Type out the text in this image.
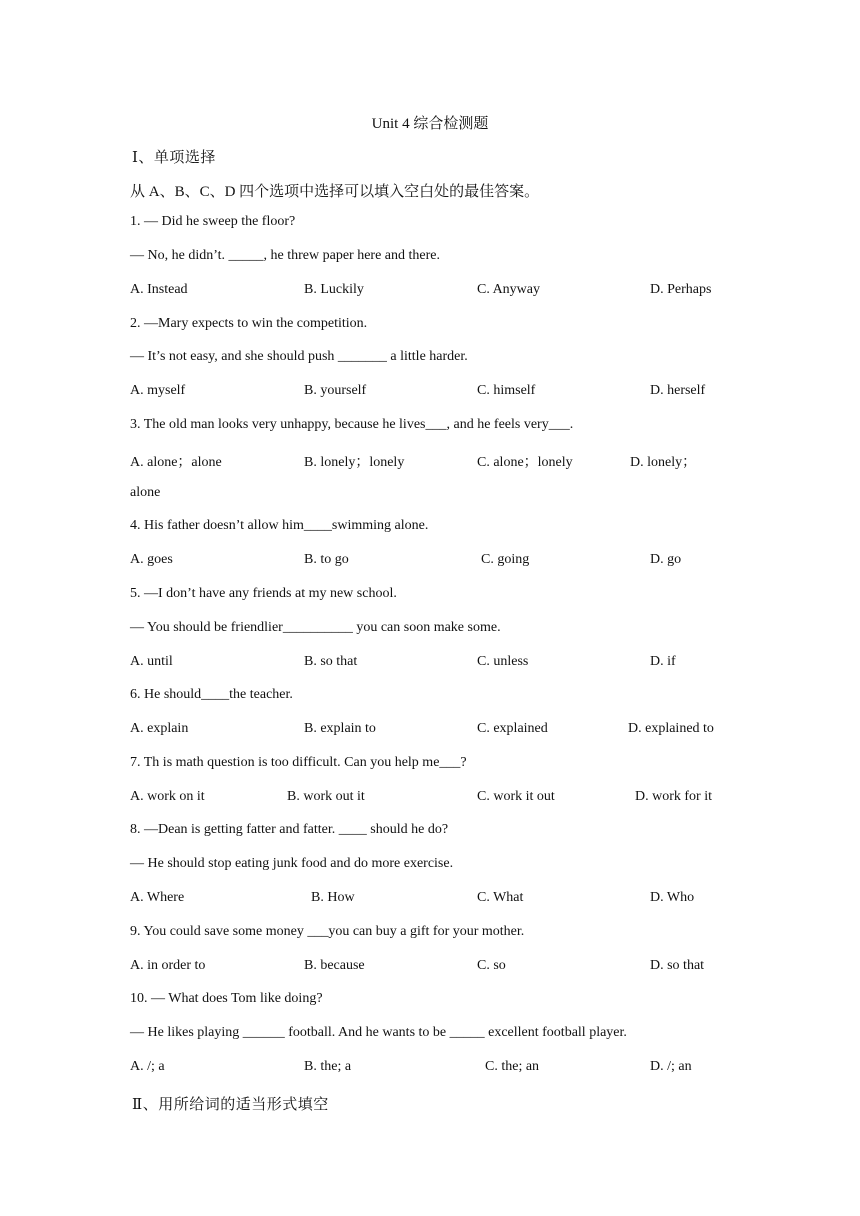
Unit 4 综合检测题
Ⅰ、单项选择
从 A、B、C、D 四个选项中选择可以填入空白处的最佳答案。
1. — Did he sweep the floor?
— No, he didn’t. _____, he threw paper here and there.
A. Instead	B. Luckily	C. Anyway	D. Perhaps
2. —Mary expects to win the competition.
— It’s not easy, and she should push _______ a little harder.
A. myself	B. yourself	C. himself	D. herself
3. The old man looks very unhappy, because he lives___, and he feels very___.
A. alone；alone	B. lonely；lonely	C. alone；lonely	D. lonely；
alone
4. His father doesn’t allow him____swimming alone.
A. goes	B. to go	C. going	D. go
5. —I don’t have any friends at my new school.
— You should be friendlier__________ you can soon make some.
A. until	B. so that	C. unless	D. if
6. He should____the teacher.
A. explain	B. explain to	C. explained	D. explained to
7. Th is math question is too difficult. Can you help me___?
A. work on it	B. work out it	C. work it out	D. work for it
8. —Dean is getting fatter and fatter. ____ should he do?
— He should stop eating junk food and do more exercise.
A. Where	B. How	C. What	D. Who
9. You could save some money ___you can buy a gift for your mother.
A. in order to	B. because	C. so	D. so that
10. — What does Tom like doing?
— He likes playing ______ football. And he wants to be _____ excellent football player.
A. /; a	B. the; a	C. the; an	D. /; an
Ⅱ、用所给词的适当形式填空
